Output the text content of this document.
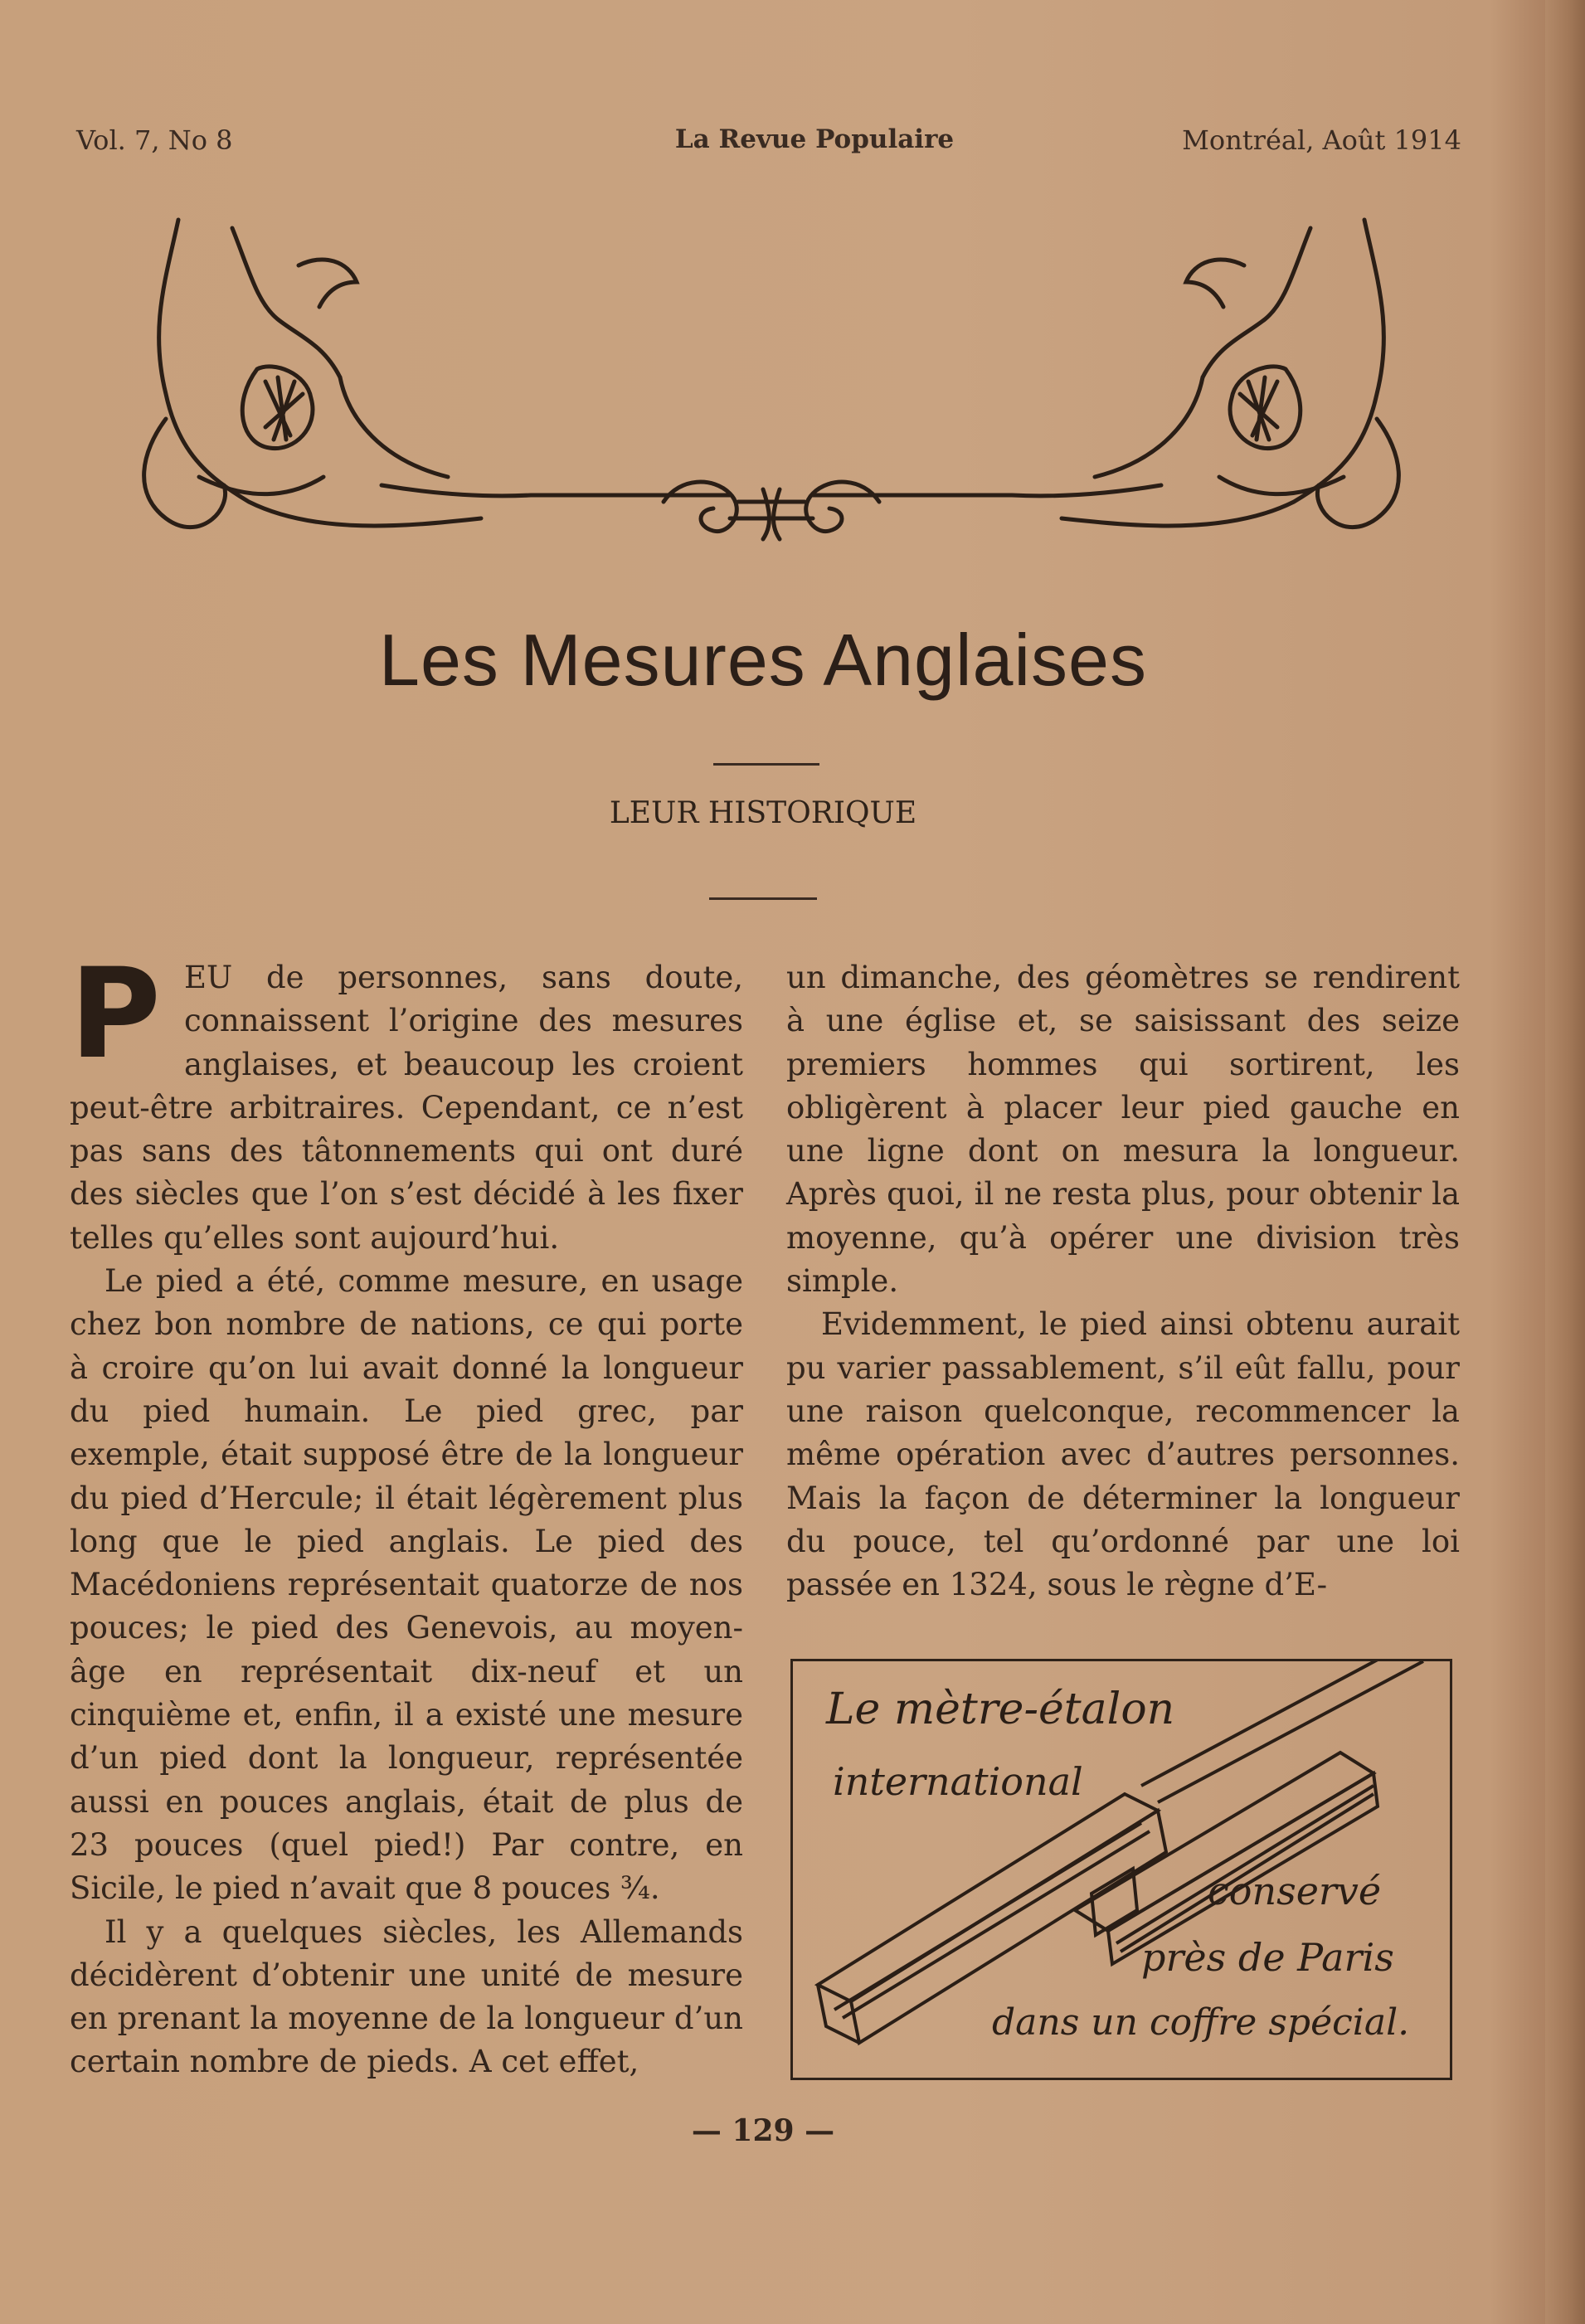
Vol. 7, No 8	La Revue Populaire	Montréal, Août 1914
Les Mesures Anglaises
LEUR HISTORIQUE

PEU de personnes, sans doute, connaissent l’origine des mesures anglaises, et beaucoup les croient peut-être arbitraires. Cependant, ce n’est pas sans des tâtonnements qui ont duré des siècles que l’on s’est décidé à les fixer telles qu’elles sont aujourd’hui.

Le pied a été, comme mesure, en usage chez bon nombre de nations, ce qui porte à croire qu’on lui avait donné la longueur du pied humain. Le pied grec, par exemple, était supposé être de la longueur du pied d’Hercule; il était légèrement plus long que le pied anglais. Le pied des Macédoniens représentait quatorze de nos pouces; le pied des Genevois, au moyen-âge en représentait dix-neuf et un cinquième et, enfin, il a existé une mesure d’un pied dont la longueur, représentée aussi en pouces anglais, était de plus de 23 pouces (quel pied!) Par contre, en Sicile, le pied n’avait que 8 pouces ¾.

Il y a quelques siècles, les Allemands décidèrent d’obtenir une unité de mesure en prenant la moyenne de la longueur d’un certain nombre de pieds. A cet effet,

un dimanche, des géomètres se rendirent à une église et, se saisissant des seize premiers hommes qui sortirent, les obligèrent à placer leur pied gauche en une ligne dont on mesura la longueur. Après quoi, il ne resta plus, pour obtenir la moyenne, qu’à opérer une division très simple.

Evidemment, le pied ainsi obtenu aurait pu varier passablement, s’il eût fallu, pour une raison quelconque, recommencer la même opération avec d’autres personnes. Mais la façon de déterminer la longueur du pouce, tel qu’ordonné par une loi passée en 1324, sous le règne d’E-

Le mètre-étalon
international
conservé
près de Paris
dans un coffre spécial.
— 129 —
